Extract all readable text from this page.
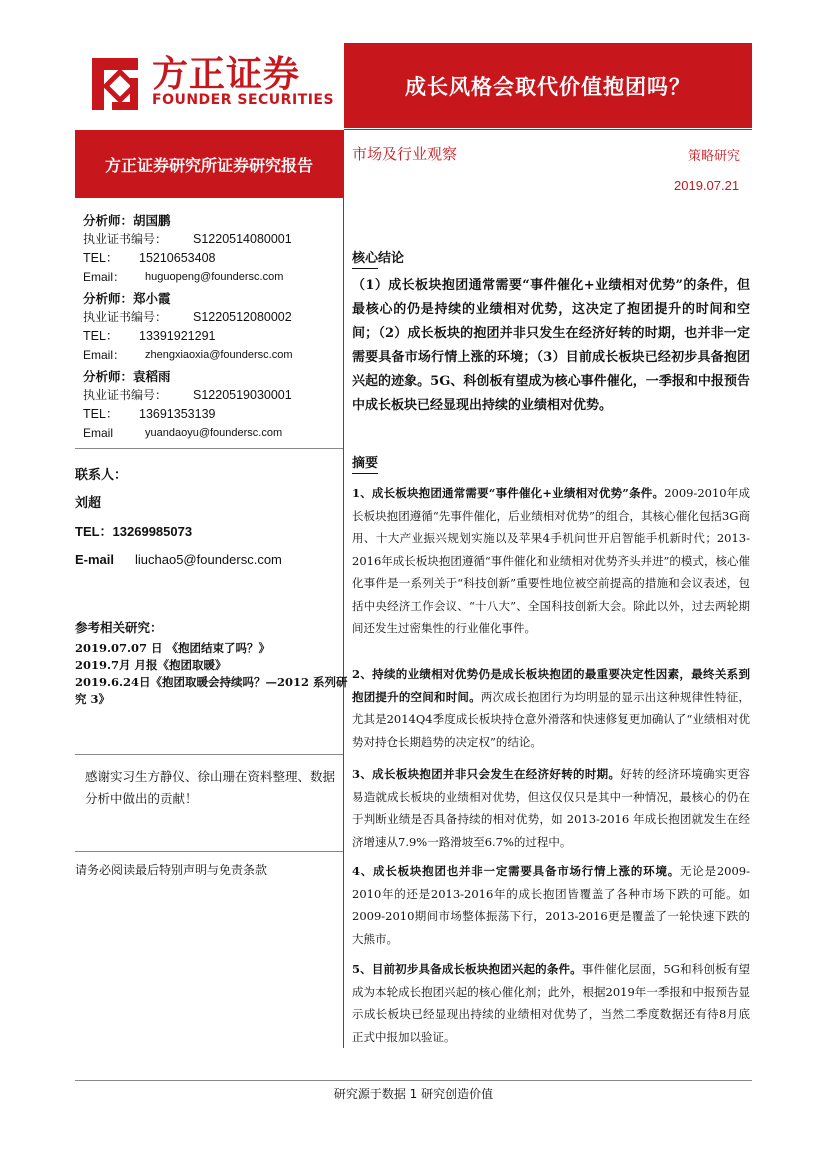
方正证券
FOUNDER SECURITIES
成长风格会取代价值抱团吗？
方正证券研究所证券研究报告
市场及行业观察	策略研究
2019.07.21
分析师：胡国鹏
执业证书编号：	S1220514080001
TEL：	15210653408
Email：	huguopeng@foundersc.com
分析师：郑小霞
执业证书编号：	S1220512080002
TEL：	13391921291
Email：	zhengxiaoxia@foundersc.com
分析师：袁稻雨
执业证书编号：	S1220519030001
TEL：	13691353139
Email	yuandaoyu@foundersc.com
联系人：
刘超
TEL：13269985073
E-mail liuchao5@foundersc.com
参考相关研究：
2019.07.07 日 《抱团结束了吗？》
2019.7月 月报《抱团取暖》
2019.6.24日《抱团取暖会持续吗？—2012 系列研
究 3》
感谢实习生方静仪、徐山珊在资料整理、数据分析中做出的贡献！
请务必阅读最后特别声明与免责条款
核心结论
（1）成长板块抱团通常需要“事件催化+业绩相对优势”的条件，但最核心的仍是持续的业绩相对优势，这决定了抱团提升的时间和空间；（2）成长板块的抱团并非只发生在经济好转的时期，也并非一定需要具备市场行情上涨的环境；（3）目前成长板块已经初步具备抱团兴起的迹象。5G、科创板有望成为核心事件催化，一季报和中报预告中成长板块已经显现出持续的业绩相对优势。
摘要
1、成长板块抱团通常需要“事件催化+业绩相对优势”条件。2009-2010年成长板块抱团遵循“先事件催化，后业绩相对优势”的组合，其核心催化包括3G商用、十大产业振兴规划实施以及苹果4手机问世开启智能手机新时代；2013-2016年成长板块抱团遵循“事件催化和业绩相对优势齐头并进”的模式，核心催化事件是一系列关于“科技创新”重要性地位被空前提高的措施和会议表述，包括中央经济工作会议、“十八大”、全国科技创新大会。除此以外，过去两轮期间还发生过密集性的行业催化事件。
2、持续的业绩相对优势仍是成长板块抱团的最重要决定性因素，最终关系到抱团提升的空间和时间。两次成长抱团行为均明显的显示出这种规律性特征，尤其是2014Q4季度成长板块持仓意外滑落和快速修复更加确认了“业绩相对优势对持仓长期趋势的决定权”的结论。
3、成长板块抱团并非只会发生在经济好转的时期。好转的经济环境确实更容易造就成长板块的业绩相对优势，但这仅仅只是其中一种情况，最核心的仍在于判断业绩是否具备持续的相对优势，如 2013-2016 年成长抱团就发生在经济增速从7.9%一路滑坡至6.7%的过程中。
4、成长板块抱团也并非一定需要具备市场行情上涨的环境。无论是2009-2010年的还是2013-2016年的成长抱团皆覆盖了各种市场下跌的可能。如2009-2010期间市场整体振荡下行，2013-2016更是覆盖了一轮快速下跌的大熊市。
5、目前初步具备成长板块抱团兴起的条件。事件催化层面，5G和科创板有望成为本轮成长抱团兴起的核心催化剂；此外，根据2019年一季报和中报预告显示成长板块已经显现出持续的业绩相对优势了，当然二季度数据还有待8月底正式中报加以验证。
研究源于数据 1 研究创造价值
